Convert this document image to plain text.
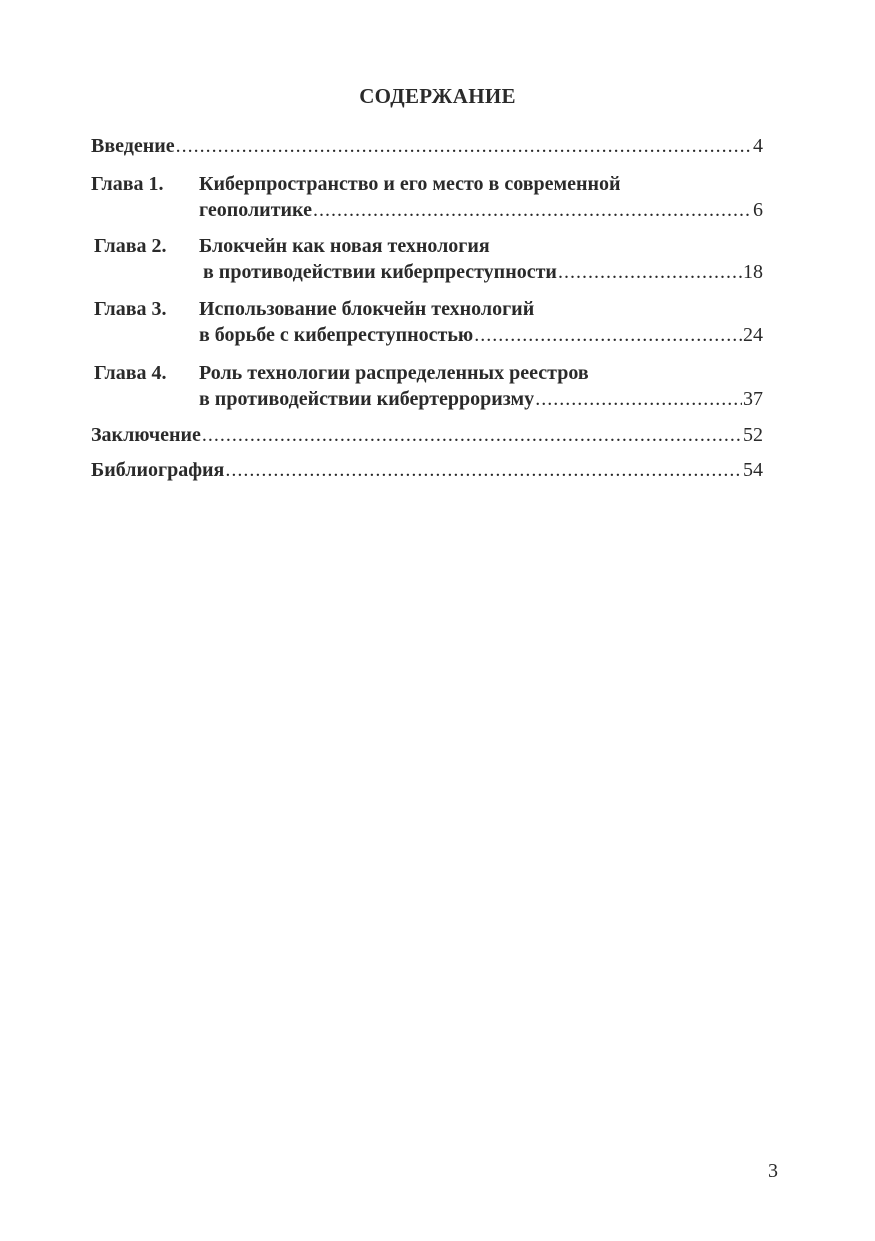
СОДЕРЖАНИЕ
Введение .....	4
Глава 1.	Киберпространство и его место в современной
геополитике .....	6
Глава 2.	Блокчейн как новая технология
в противодействии киберпреступности .....	18
Глава 3.	Использование блокчейн технологий
в борьбе с кибепреступностью .....	24
Глава 4.	Роль технологии распределенных реестров
в противодействии кибертерроризму .....	37
Заключение .....	52
Библиография .....	54
3
